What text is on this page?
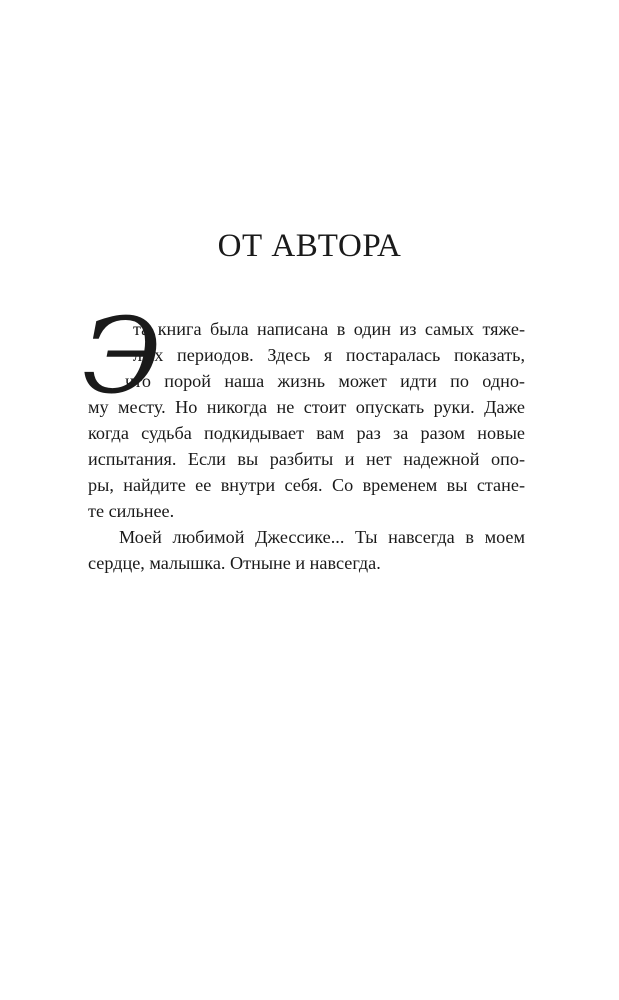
ОТ АВТОРА
Э

та книга была написана в один из самых тяже-

лых периодов. Здесь я постаралась показать,

что порой наша жизнь может идти по одно-

му месту. Но никогда не стоит опускать руки. Даже

когда судьба подкидывает вам раз за разом новые

испытания. Если вы разбиты и нет надежной опо-

ры, найдите ее внутри себя. Со временем вы стане-

те сильнее.

Моей любимой Джессике... Ты навсегда в моем

сердце, малышка. Отныне и навсегда.
